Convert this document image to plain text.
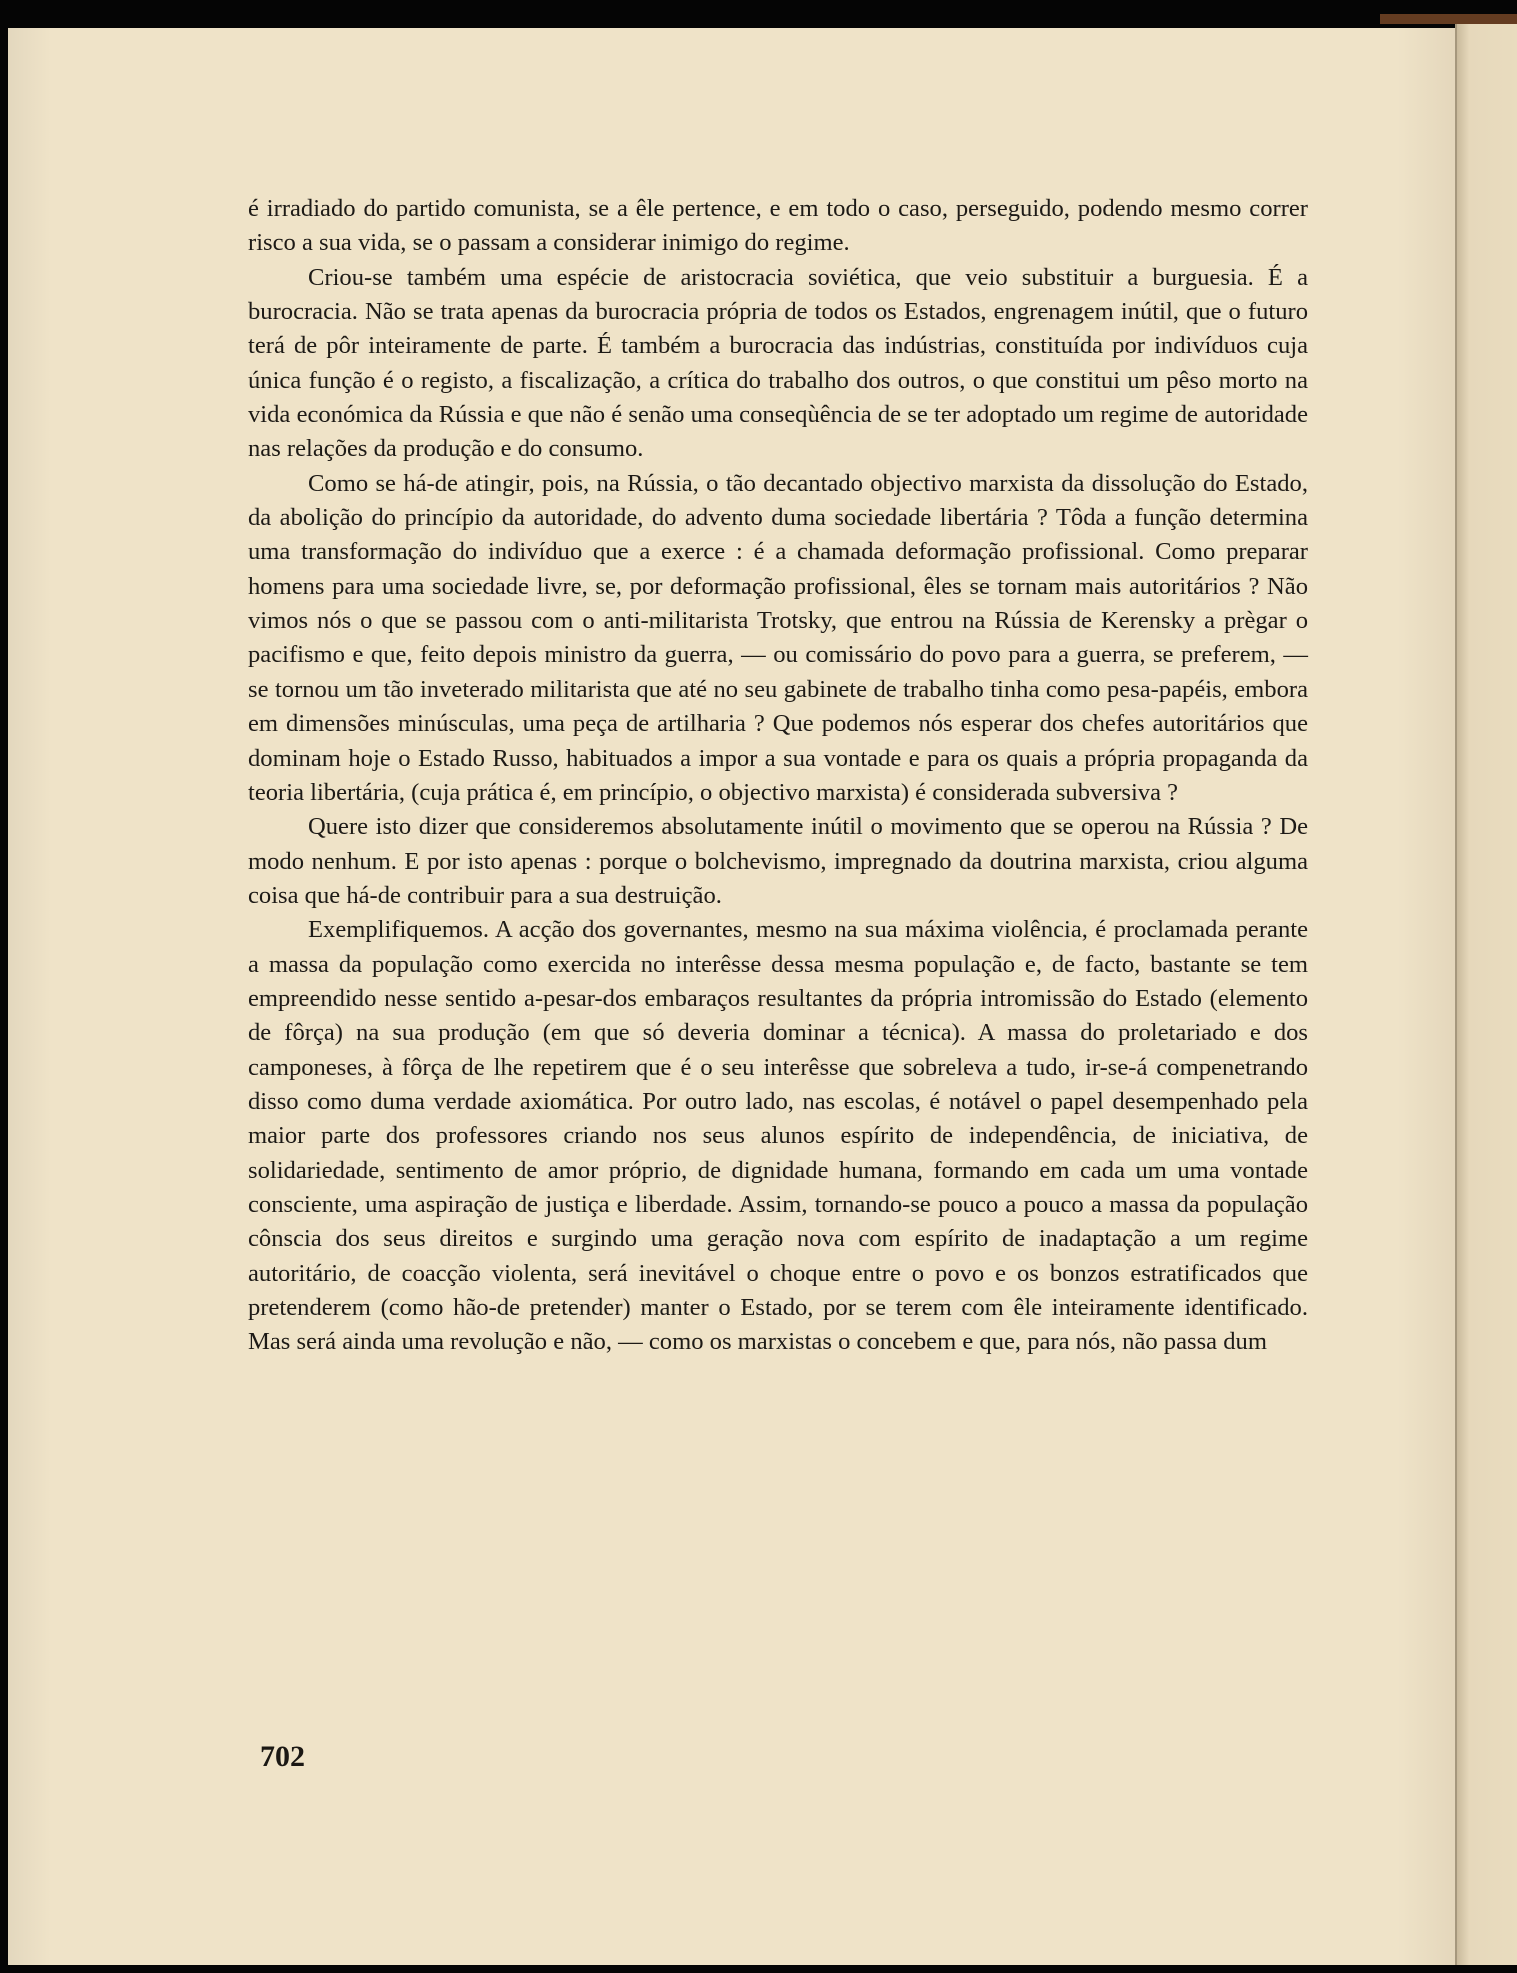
é irradiado do partido comunista, se a êle pertence, e em todo o caso, perseguido, podendo mesmo correr risco a sua vida, se o passam a considerar inimigo do regime.

Criou-se também uma espécie de aristocracia soviética, que veio substituir a burguesia. É a burocracia. Não se trata apenas da burocracia própria de todos os Estados, engrenagem inútil, que o futuro terá de pôr inteiramente de parte. É também a burocracia das indústrias, constituída por indivíduos cuja única função é o registo, a fiscalização, a crítica do trabalho dos outros, o que constitui um pêso morto na vida económica da Rússia e que não é senão uma conseqùência de se ter adoptado um regime de autoridade nas relações da produção e do consumo.

Como se há-de atingir, pois, na Rússia, o tão decantado objectivo marxista da dissolução do Estado, da abolição do princípio da autoridade, do advento duma sociedade libertária ? Tôda a função determina uma transformação do indivíduo que a exerce : é a chamada deformação profissional. Como preparar homens para uma sociedade livre, se, por deformação profissional, êles se tornam mais autoritários ? Não vimos nós o que se passou com o anti-militarista Trotsky, que entrou na Rússia de Kerensky a prègar o pacifismo e que, feito depois ministro da guerra, — ou comissário do povo para a guerra, se preferem, — se tornou um tão inveterado militarista que até no seu gabinete de trabalho tinha como pesa-papéis, embora em dimensões minúsculas, uma peça de artilharia ? Que podemos nós esperar dos chefes autoritários que dominam hoje o Estado Russo, habituados a impor a sua vontade e para os quais a própria propaganda da teoria libertária, (cuja prática é, em princípio, o objectivo marxista) é considerada subversiva ?

Quere isto dizer que consideremos absolutamente inútil o movimento que se operou na Rússia ? De modo nenhum. E por isto apenas : porque o bolchevismo, impregnado da doutrina marxista, criou alguma coisa que há-de contribuir para a sua destruição.

Exemplifiquemos. A acção dos governantes, mesmo na sua máxima violência, é proclamada perante a massa da população como exercida no interêsse dessa mesma população e, de facto, bastante se tem empreendido nesse sentido a-pesar-dos embaraços resultantes da própria intromissão do Estado (elemento de fôrça) na sua produção (em que só deveria dominar a técnica). A massa do proletariado e dos camponeses, à fôrça de lhe repetirem que é o seu interêsse que sobreleva a tudo, ir-se-á compenetrando disso como duma verdade axiomática. Por outro lado, nas escolas, é notável o papel desempenhado pela maior parte dos professores criando nos seus alunos espírito de independência, de iniciativa, de solidariedade, sentimento de amor próprio, de dignidade humana, formando em cada um uma vontade consciente, uma aspiração de justiça e liberdade. Assim, tornando-se pouco a pouco a massa da população cônscia dos seus direitos e surgindo uma geração nova com espírito de inadaptação a um regime autoritário, de coacção violenta, será inevitável o choque entre o povo e os bonzos estratificados que pretenderem (como hão-de pretender) manter o Estado, por se terem com êle inteiramente identificado. Mas será ainda uma revolução e não, — como os marxistas o concebem e que, para nós, não passa dum

702
